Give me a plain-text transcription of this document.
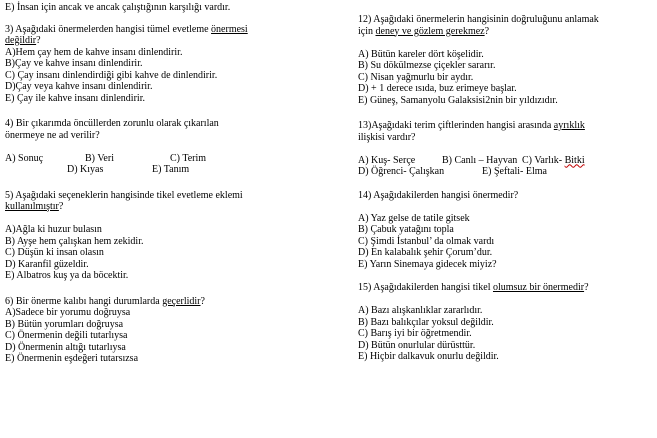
E) İnsan için ancak ve ancak çalıştığının karşılığı vardır.
3) Aşağıdaki önermelerden hangisi tümel evetleme önermesi
değildir?
A)Hem çay hem de kahve insanı dinlendirir.
B)Çay ve kahve insanı dinlendirir.
C) Çay insanı dinlendirdiği gibi kahve de dinlendirir.
D)Çay veya kahve insanı dinlendirir.
E) Çay ile kahve insanı dinlendirir.
4) Bir çıkarımda öncüllerden zorunlu olarak çıkarılan
önermeye ne ad verilir?
A) Sonuç	B) Veri	C) Terim
D) Kıyas	E) Tanım
5) Aşağıdaki seçeneklerin hangisinde tikel evetleme eklemi
kullanılmıştır?
A)Ağla ki huzur bulasın
B) Ayşe hem çalışkan hem zekidir.
C) Düşün ki insan olasın
D) Karanfil güzeldir.
E) Albatros kuş ya da böcektir.
6) Bir önerme kalıbı hangi durumlarda geçerlidir?
A)Sadece bir yorumu doğruysa
B) Bütün yorumları doğruysa
C) Önermenin değili tutarlıysa
D) Önermenin altığı tutarlıysa
E) Önermenin eşdeğeri tutarsızsa
12) Aşağıdaki önermelerin hangisinin doğruluğunu anlamak
için deney ve gözlem gerekmez?
A) Bütün kareler dört köşelidir.
B) Su dökülmezse çiçekler sararır.
C) Nisan yağmurlu bir aydır.
D) + 1 derece ısıda, buz erimeye başlar.
E) Güneş, Samanyolu Galaksisi2nin bir yıldızıdır.
13)Aşağıdaki terim çiftlerinden hangisi arasında ayrıklık
ilişkisi vardır?
A) Kuş- Serçe	B) Canlı – Hayvan C) Varlık- Bitki
D) Öğrenci- Çalışkan	E) Şeftali- Elma
14) Aşağıdakilerden hangisi önermedir?
A) Yaz gelse de tatile gitsek
B) Çabuk yatağını topla
C) Şimdi İstanbul’ da olmak vardı
D) En kalabalık şehir Çorum’dur.
E) Yarın Sinemaya gidecek miyiz?
15) Aşağıdakilerden hangisi tikel olumsuz bir önermedir?
A) Bazı alışkanlıklar zararlıdır.
B) Bazı balıkçılar yoksul değildir.
C) Barış iyi bir öğretmendir.
D) Bütün onurlular dürüsttür.
E) Hiçbir dalkavuk onurlu değildir.
